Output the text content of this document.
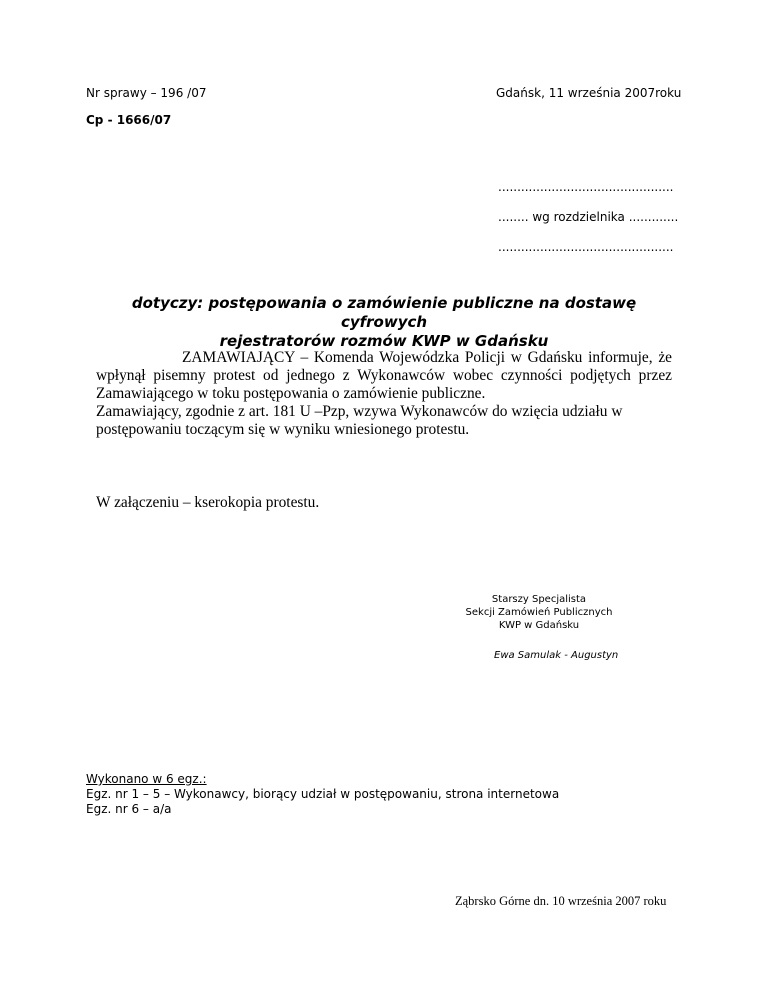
Nr sprawy – 196 /07	Gdańsk, 11 września 2007roku
Cp - 1666/07
..............................................
........ wg rozdzielnika .............
..............................................
dotyczy: postępowania o zamówienie publiczne na dostawę cyfrowych
rejestratorów rozmów KWP w Gdańsku

ZAMAWIAJĄCY – Komenda Wojewódzka Policji w Gdańsku informuje, że wpłynął pisemny protest od jednego z Wykonawców wobec czynności podjętych przez Zamawiającego w toku postępowania o zamówienie publiczne.

Zamawiający, zgodnie z art. 181 U –Pzp, wzywa Wykonawców do wzięcia udziału w postępowaniu toczącym się w wyniku wniesionego protestu.

W załączeniu – kserokopia protestu.
Starszy Specjalista
Sekcji Zamówień Publicznych
KWP w Gdańsku
Ewa Samulak - Augustyn
Wykonano w 6 egz.:
Egz. nr 1 – 5 – Wykonawcy, biorący udział w postępowaniu, strona internetowa
Egz. nr 6 – a/a
Ząbrsko Górne dn. 10 września 2007 roku
